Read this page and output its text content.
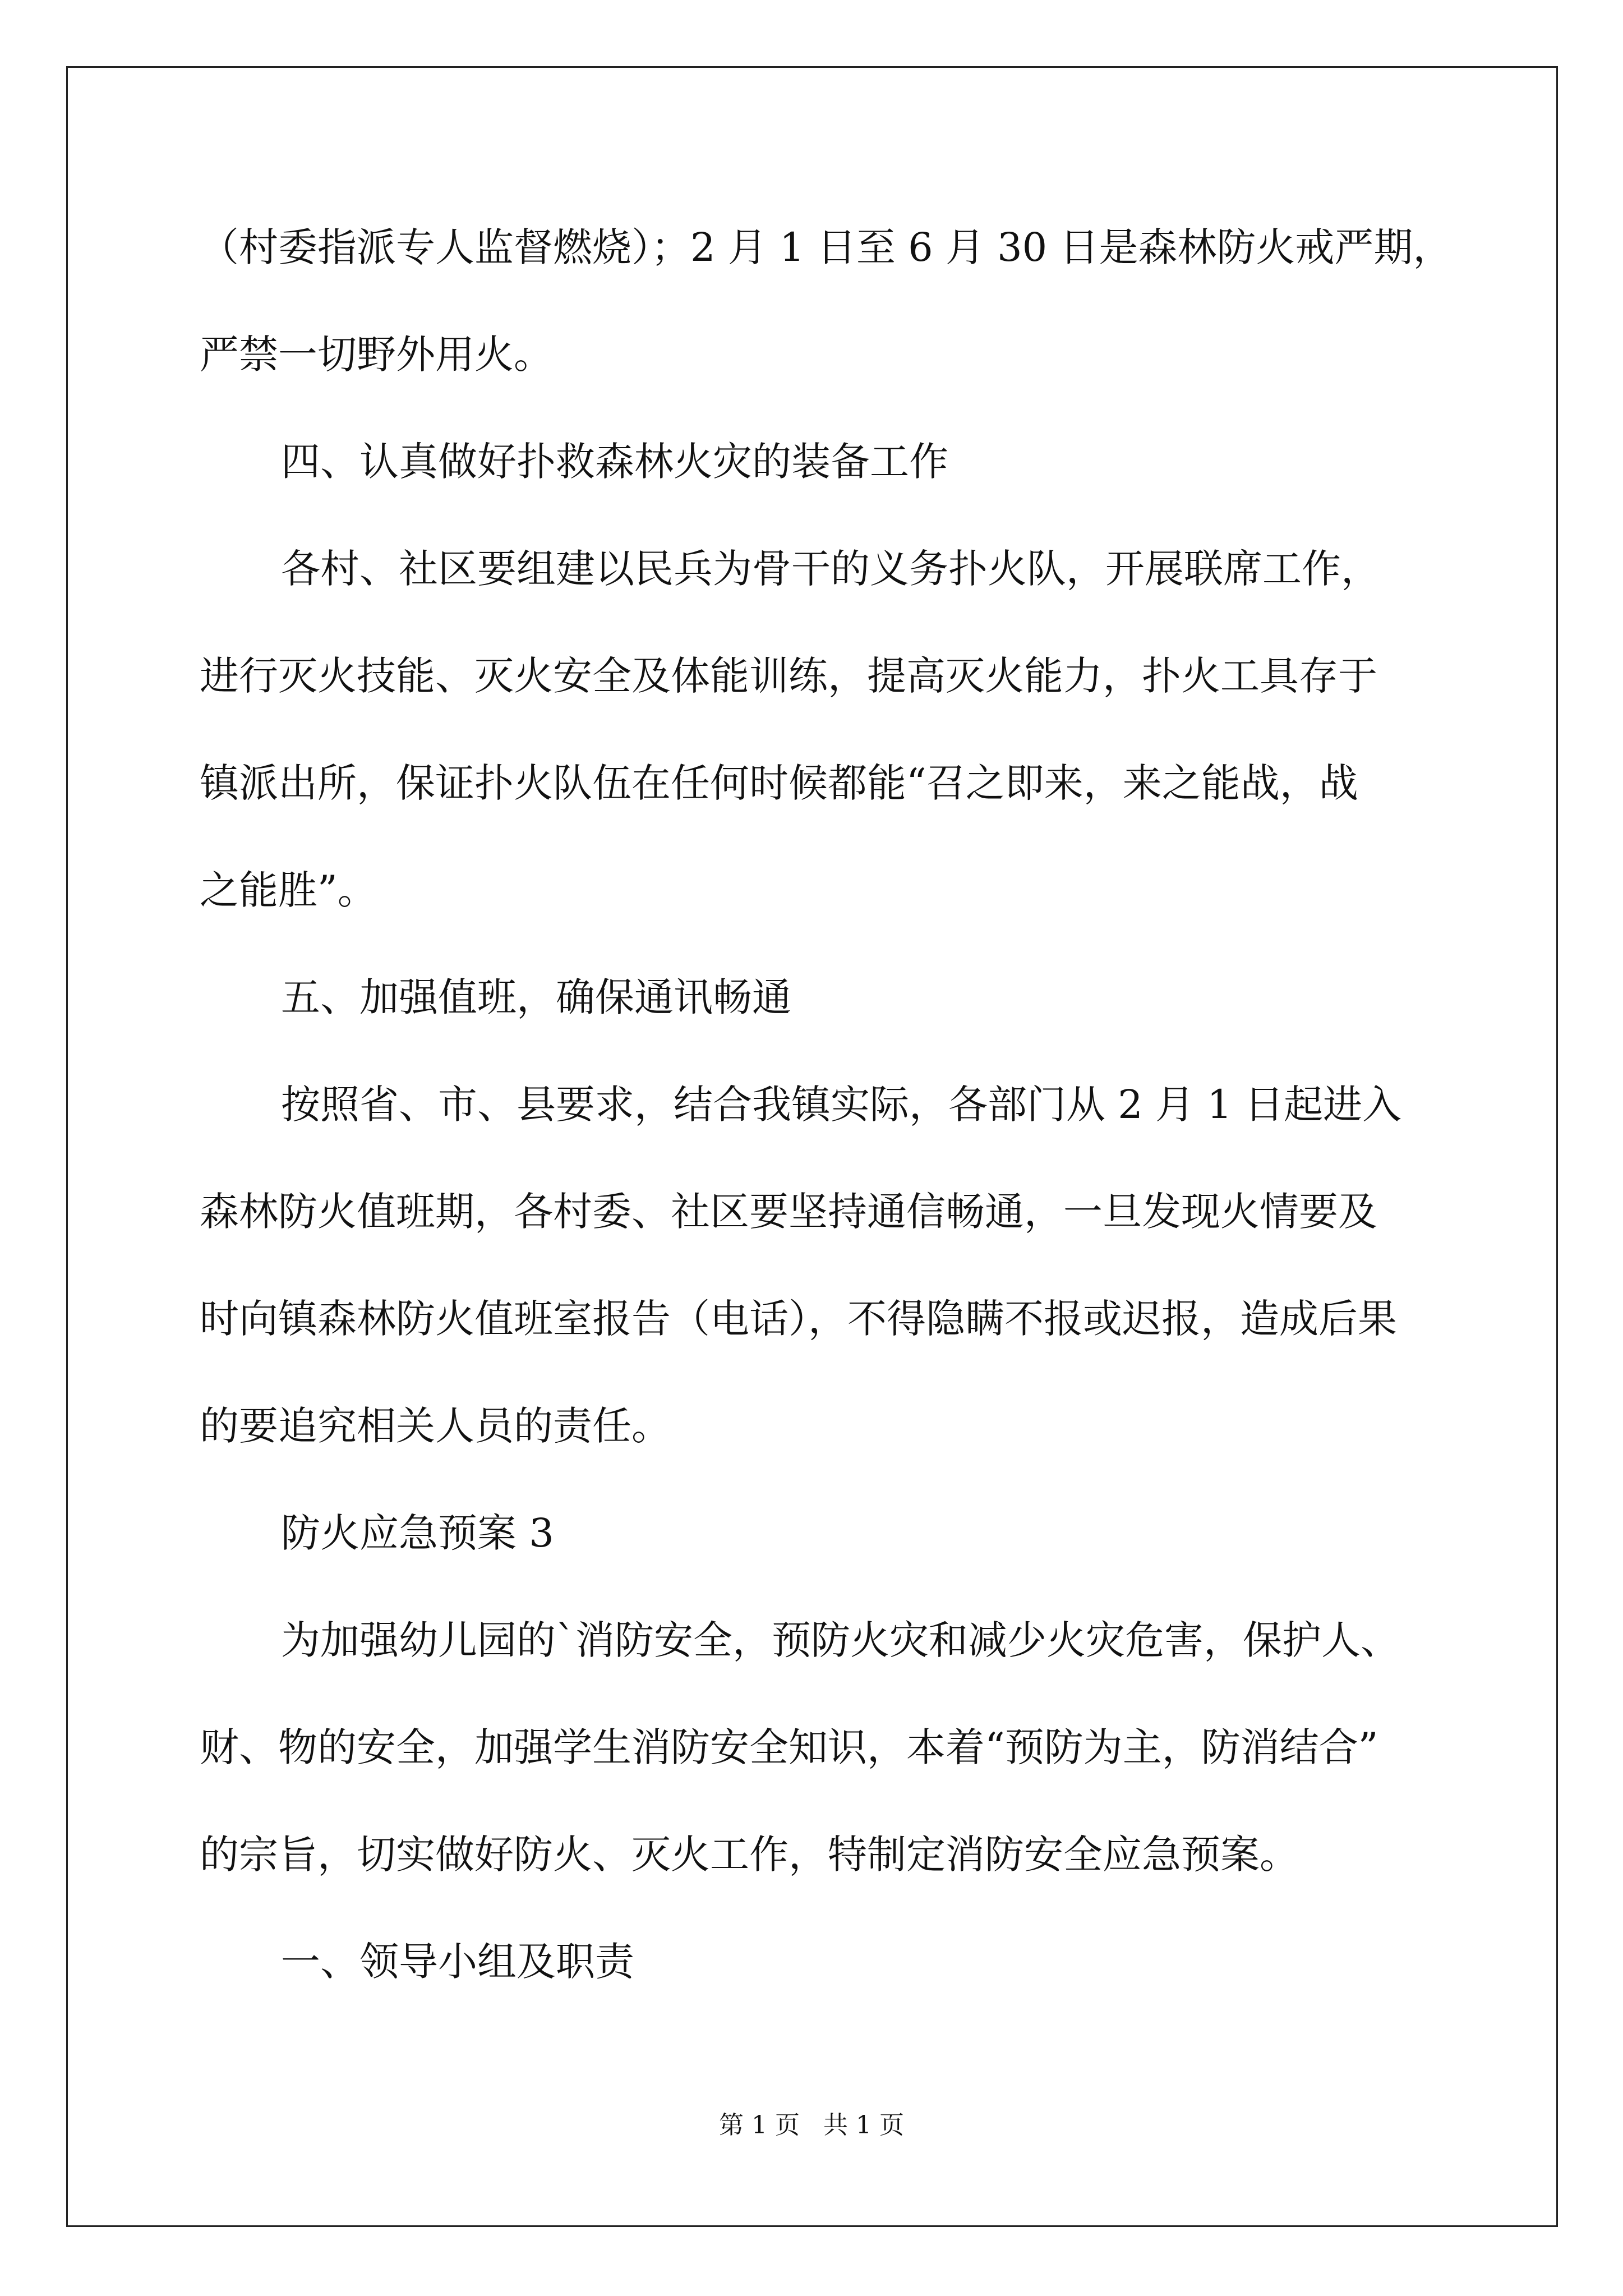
（村委指派专人监督燃烧）；2 月 1 日至 6 月 30 日是森林防火戒严期，
严禁一切野外用火。
四、认真做好扑救森林火灾的装备工作
各村、社区要组建以民兵为骨干的义务扑火队，开展联席工作，
进行灭火技能、灭火安全及体能训练，提高灭火能力，扑火工具存于
镇派出所，保证扑火队伍在任何时候都能“召之即来，来之能战，战
之能胜”。
五、加强值班，确保通讯畅通
按照省、市、县要求，结合我镇实际，各部门从 2 月 1 日起进入
森林防火值班期，各村委、社区要坚持通信畅通，一旦发现火情要及
时向镇森林防火值班室报告（电话），不得隐瞒不报或迟报，造成后果
的要追究相关人员的责任。
防火应急预案 3
为加强幼儿园的`消防安全，预防火灾和减少火灾危害，保护人、
财、物的安全，加强学生消防安全知识，本着“预防为主，防消结合”
的宗旨，切实做好防火、灭火工作，特制定消防安全应急预案。
一、领导小组及职责
第 1 页   共 1 页
